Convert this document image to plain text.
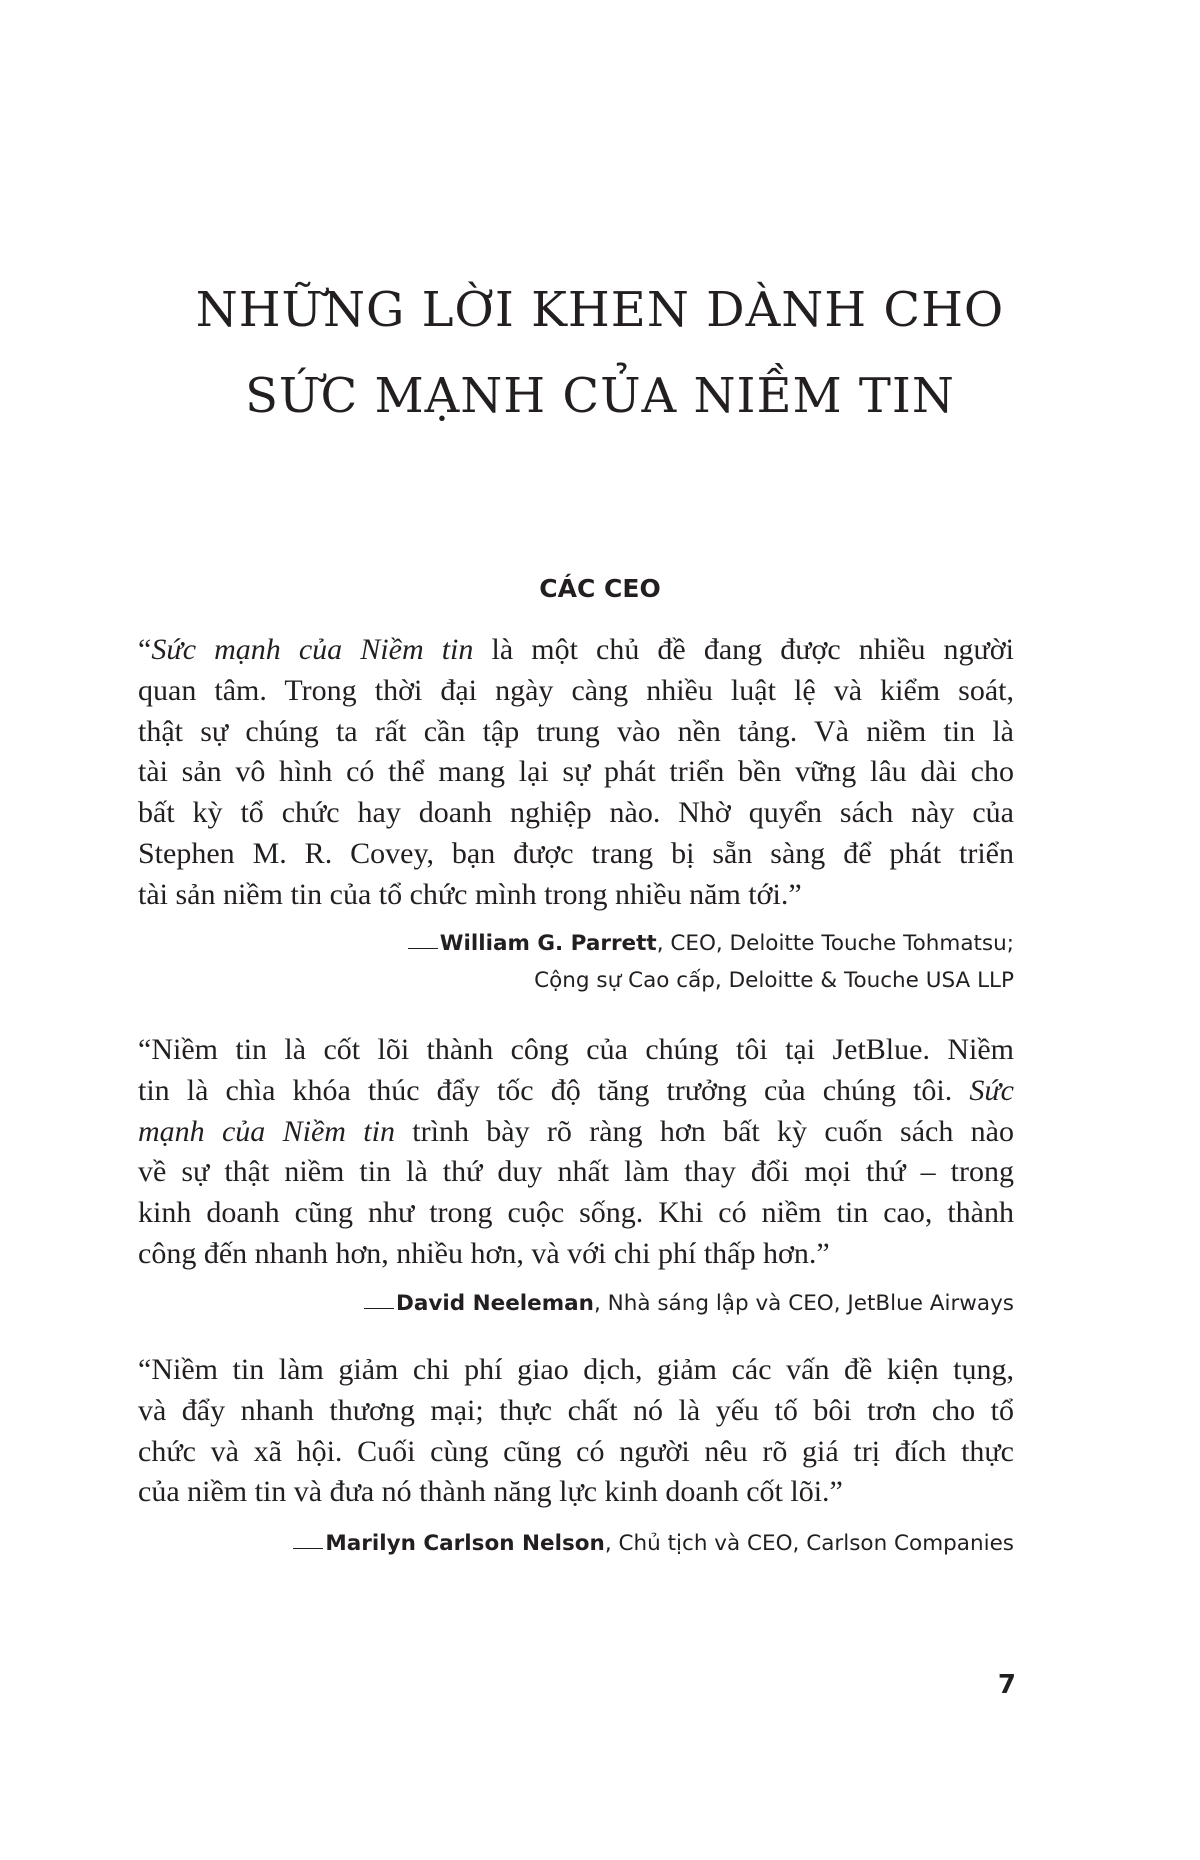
NHỮNG LỜI KHEN DÀNH CHO
SỨC MẠNH CỦA NIỀM TIN
CÁC CEO

“Sức mạnh của Niềm tin là một chủ đề đang được nhiều người
quan tâm. Trong thời đại ngày càng nhiều luật lệ và kiểm soát,
thật sự chúng ta rất cần tập trung vào nền tảng. Và niềm tin là
tài sản vô hình có thể mang lại sự phát triển bền vững lâu dài cho
bất kỳ tổ chức hay doanh nghiệp nào. Nhờ quyển sách này của
Stephen M. R. Covey, bạn được trang bị sẵn sàng để phát triển
tài sản niềm tin của tổ chức mình trong nhiều năm tới.”

William G. Parrett, CEO, Deloitte Touche Tohmatsu;
Cộng sự Cao cấp, Deloitte & Touche USA LLP

“Niềm tin là cốt lõi thành công của chúng tôi tại JetBlue. Niềm
tin là chìa khóa thúc đẩy tốc độ tăng trưởng của chúng tôi. Sức
mạnh của Niềm tin trình bày rõ ràng hơn bất kỳ cuốn sách nào
về sự thật niềm tin là thứ duy nhất làm thay đổi mọi thứ – trong
kinh doanh cũng như trong cuộc sống. Khi có niềm tin cao, thành
công đến nhanh hơn, nhiều hơn, và với chi phí thấp hơn.”

David Neeleman, Nhà sáng lập và CEO, JetBlue Airways

“Niềm tin làm giảm chi phí giao dịch, giảm các vấn đề kiện tụng,
và đẩy nhanh thương mại; thực chất nó là yếu tố bôi trơn cho tổ
chức và xã hội. Cuối cùng cũng có người nêu rõ giá trị đích thực
của niềm tin và đưa nó thành năng lực kinh doanh cốt lõi.”

Marilyn Carlson Nelson, Chủ tịch và CEO, Carlson Companies
7
